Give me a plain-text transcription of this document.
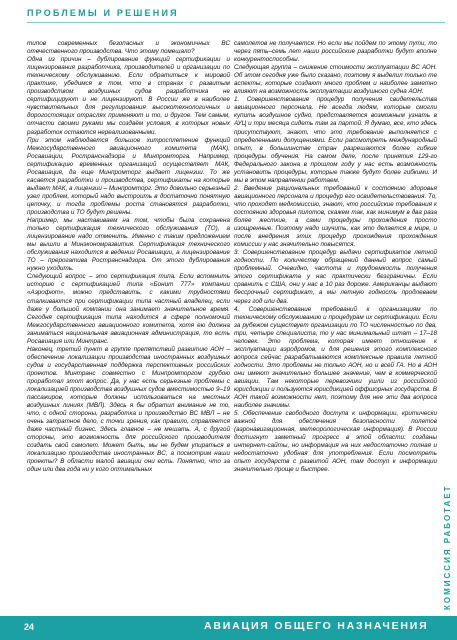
ПРОБЛЕМЫ И РЕШЕНИЯ

типов современных безопасных и экономичных ВС отечественного производства. Что этому помешало?

Одна из причин – дублирование функций сертификации и лицензирования разработчика, производителей и организации по техническому обслуживанию. Если обратиться к мировой практике, убедимся в том, что в странах с развитым производством воздушных судов разработчика не сертифицируют и не лицензируют. В России же в наиболее чувствительных для регулирования высокотехнологичных и дорогостоящих отраслях применяют и то, и другое. Тем самым, отчасти своими руками мы создаём условия, в которых новых разработок остаются нереализованными.

При этом наблюдается большое хитросплетение функций Межгосударственного авиационного комитета (МАК), Росавиации, Ространснадзора и Минпромторга. Например, сертификацию временных организаций осуществляет МАК, Росавиация, да еще Минпромторг выдает лицензии. То же касается разработки и производства, сертификаты на которые выдает МАК, а лицензии – Минпромторг. Это довольно серьезный узел проблем, который надо выстроить в достаточно понятную цепочку, и тогда проблемы роста становятся разработки, производства и ТО будут решены.

Например, мы наставиваем на том, чтобы была сохранена только сертификация технического обслуживания (ТО), а лицензирование надо отменить. Именно с таким предложением мы вышли в Минэкономразвития. Сертификация технического обслуживания находится в ведении Росавиации, а лицензирование ТО – прерогатива Ространснадзора. От этого дублирования нужно уходить.

Следующий вопрос – это сертификация типа. Если вспомнить историю с сертификацией типа «Бонит 777» компании «Аэрофют», можно представить, с какими трудностями сталкиваются при сертификации типа частный владелец, если даже у большой компании она занимает значительное время. Сегодня сертификация типа находится в сфере полномочий Межгосударственного авиационного комитета, хотя ею должна заниматься национальная авиационная администрация, то есть Росавиация или Минтранс.

Наконец, третий пункт в группе препятствий развитию АОН – обеспечение локализации производства иностранных воздушных судов и государственная поддержка перспективных российских проектов. Минтранс совместно с Минпромторгом грубою проработал этот вопрос. Да, у нас есть серьезные проблемы с локализацией производства воздушных судов вместимостью 9–19 пассажиров, которые должны использоваться на местных воздушных линиях (МВЛ). Здесь я бы обратил внимание не то, что, с одной стороны, разработка и производство ВС МВЛ – не очень затратное дело, с точки зрения, как правило, справляется даже частный бизнес. Здесь главное – не мешать. А, с другой стороны, это возможность для российского производителя создать свой самолет. Может быть, мы не будем упираться в локализацию производства иностранных ВС, а посмотрим наши проекты? В области малой авиации они есть. Понятно, что за один или два года ни у кого оптимальных

самолетов не получается. Но если мы пойдем по этому пути, то через пять–семь лет наши российские разработки будут вполне конкурентоспособны.

Следующая группа – снижение стоимости эксплуатации ВС АОН. Об этом сегодня уже было сказано, поэтому я выделил только те аспекты, которые создают много проблем и наиболее заметно влияют на возможность эксплуатации воздушного судна АОН.

1. Совершенствование процедур получения свидетельства авиационного персонала. Не всегда людям, которые смогли купить воздушное судно, представляется возможным узнать в АУЦ и три месяца сидеть там за партой. Я думаю, все, кто здесь присутствуют, знают, что это требование выполняется с определенными допущениями. Если рассмотреть международный опыт, в большинстве стран разрешаются более гибкие процедуры обучения. На самом деле, после принятия 129-го Федерального закона в прошлом году у нас есть возможность установить процедуры, которые также будут более гибкими. И мы в этом направлении работаем.

2. Введение рациональных требований к состоянию здоровья авиационного персонала и процедур его освидетельствования. То, что проходят медкомиссию, знают, что российские требования к состоянию здоровья пилотов, скажем так, как минимум в два раза более жесткие, а сами процедуры прохождения просто изощренные. Поэтому надо изучить, как это делается в мире, и после внедрения этих процедур прохождения прохождения комиссии у нас значительно повысятся.

3. Совершенствование процедур выдачи сертификатов летной годности. По количеству обращений данный вопрос самый проблемный. Очевидно, частота и трудоемкость получения этого сертификата у нас практически безграничны. Если сравнить с США, они у нас в 10 раз дороже. Американцы выдают бессрочный сертификат, а мы летную годность продлеваем через год или два.

4. Совершенствование требований к организациям по техническому обслуживанию и процедурам их сертификации. Если за рубежом существует организации по ТО численностью по два, три, четыре специалиста, то у нас минимальный штат – 17–18 человек. Это проблема, которая имеет отношение к эксплуатации аэродромов, и для решения этого комплексного вопроса сейчас разрабатываются комплексные правила летной годности. Это проблемы не только АОН, но и всей ГА. Но в АОН они имеют значительно большее значение, чем в коммерческой авиации. Там некоторые перевозчики ушли из российской юрисдикции и пользуются юрисдикцией оффшорных государств. В АОН такой возможности нет, поэтому для нее эти два вопроса наиболее значимы.

5. Обеспечение свободного доступа к информации, критически важной для обеспечения безопасности полетов (аэронавигационная, метеорологическая информация). В России достигнут заметный прогресс в этой области: созданы интернет-сайты, но информация на них недостаточно полная и недостаточно удобная для употребления. Если посмотреть опыт государств с развитой АОН, там доступ к информации значительно проще и быстрее.

КОМИССИЯ РАБОТАЕТ
24	АВИАЦИЯ ОБЩЕГО НАЗНАЧЕНИЯ
